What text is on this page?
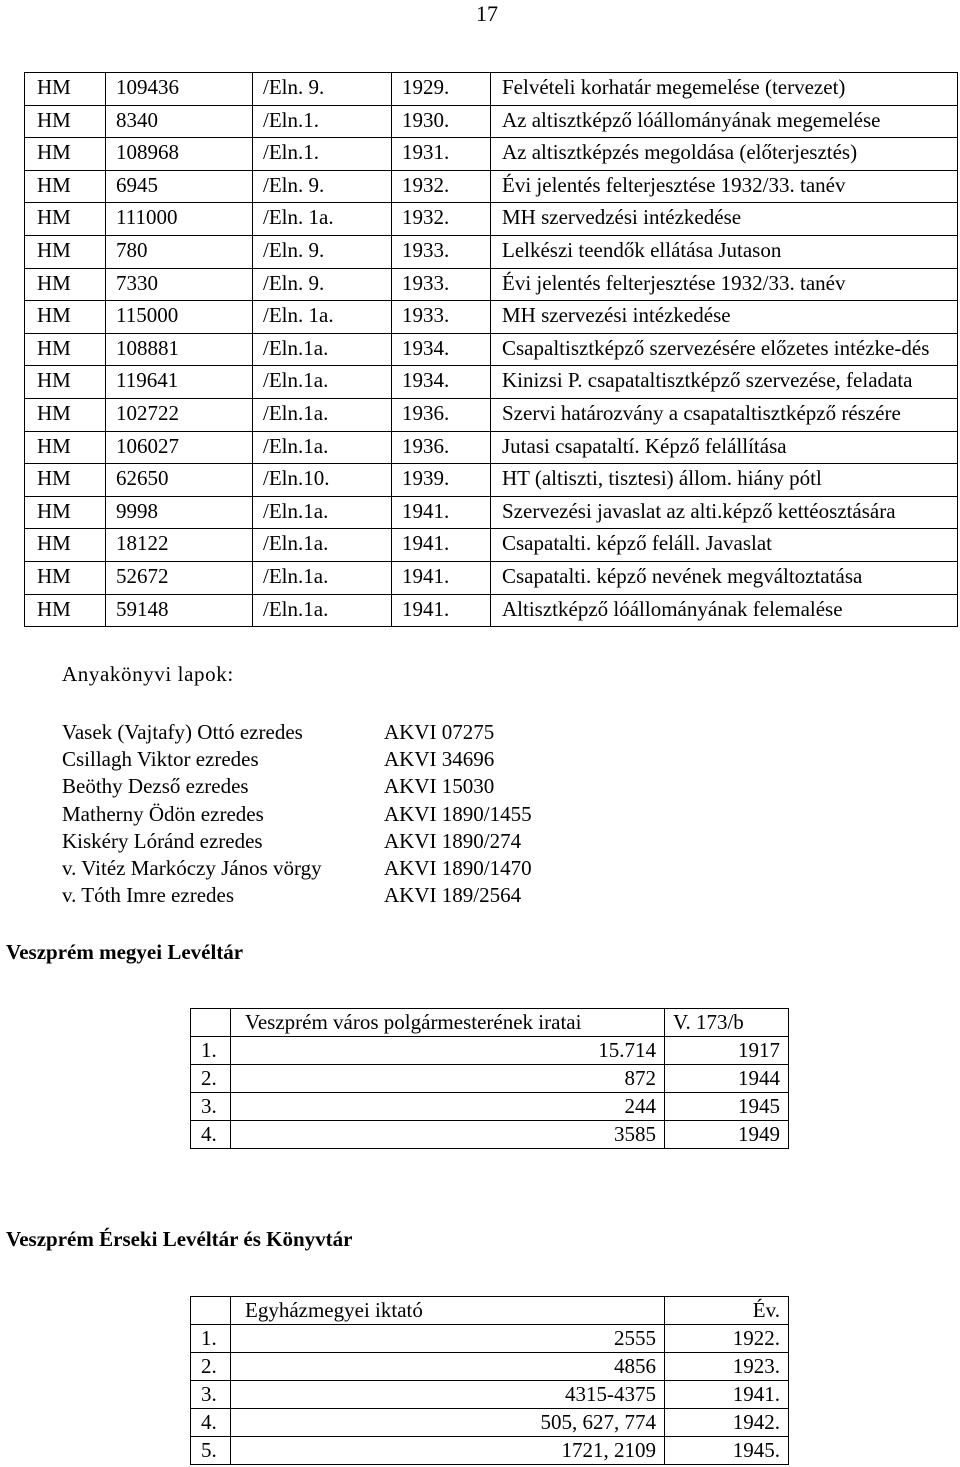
17
HM	109436	/Eln. 9.	1929.	Felvételi korhatár megemelése (tervezet)
HM	8340	/Eln.1.	1930.	Az altisztképző lóállományának megemelése
HM	108968	/Eln.1.	1931.	Az altisztképzés megoldása (előterjesztés)
HM	6945	/Eln. 9.	1932.	Évi jelentés felterjesztése 1932/33. tanév
HM	111000	/Eln. 1a.	1932.	MH szervedzési intézkedése
HM	780	/Eln. 9.	1933.	Lelkészi teendők ellátása Jutason
HM	7330	/Eln. 9.	1933.	Évi jelentés felterjesztése 1932/33. tanév
HM	115000	/Eln. 1a.	1933.	MH szervezési intézkedése
HM	108881	/Eln.1a.	1934.	Csapaltisztképző szervezésére előzetes intézke-dés
HM	119641	/Eln.1a.	1934.	Kinizsi P. csapataltisztképző szervezése, feladata
HM	102722	/Eln.1a.	1936.	Szervi határozvány a csapataltisztképző részére
HM	106027	/Eln.1a.	1936.	Jutasi csapataltí. Képző felállítása
HM	62650	/Eln.10.	1939.	HT (altiszti, tisztesi) állom. hiány pótl
HM	9998	/Eln.1a.	1941.	Szervezési javaslat az alti.képző kettéosztására
HM	18122	/Eln.1a.	1941.	Csapatalti. képző feláll. Javaslat
HM	52672	/Eln.1a.	1941.	Csapatalti. képző nevének megváltoztatása
HM	59148	/Eln.1a.	1941.	Altisztképző lóállományának felemalése
Anyakönyvi lapok:
Vasek (Vajtafy) Ottó ezredes	AKVI 07275
Csillagh Viktor ezredes	AKVI 34696
Beöthy Dezső ezredes	AKVI 15030
Matherny Ödön ezredes	AKVI 1890/1455
Kiskéry Lóránd ezredes	AKVI 1890/274
v. Vitéz Markóczy János vörgy	AKVI 1890/1470
v. Tóth Imre ezredes	AKVI 189/2564
Veszprém megyei Levéltár
	Veszprém város polgármesterének iratai	V. 173/b
1.	15.714	1917
2.	872	1944
3.	244	1945
4.	3585	1949
Veszprém Érseki Levéltár és Könyvtár
	Egyházmegyei iktató	Év.
1.	2555	1922.
2.	4856	1923.
3.	4315-4375	1941.
4.	505, 627, 774	1942.
5.	1721, 2109	1945.
